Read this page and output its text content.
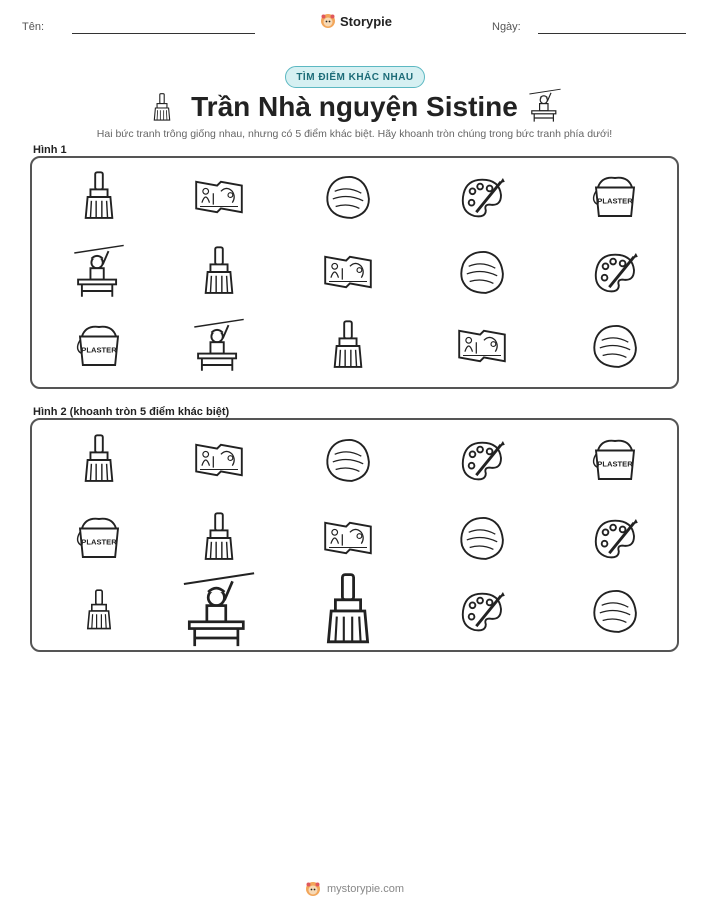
Tên:	Storypie	Ngày:
TÌM ĐIỂM KHÁC NHAU
Trần Nhà nguyện Sistine
Hai bức tranh trông giống nhau, nhưng có 5 điểm khác biệt. Hãy khoanh tròn chúng trong bức tranh phía dưới!
Hình 1
PLASTER
PLASTER
Hình 2 (khoanh tròn 5 điểm khác biệt)
PLASTER
PLASTER
mystorypie.com
